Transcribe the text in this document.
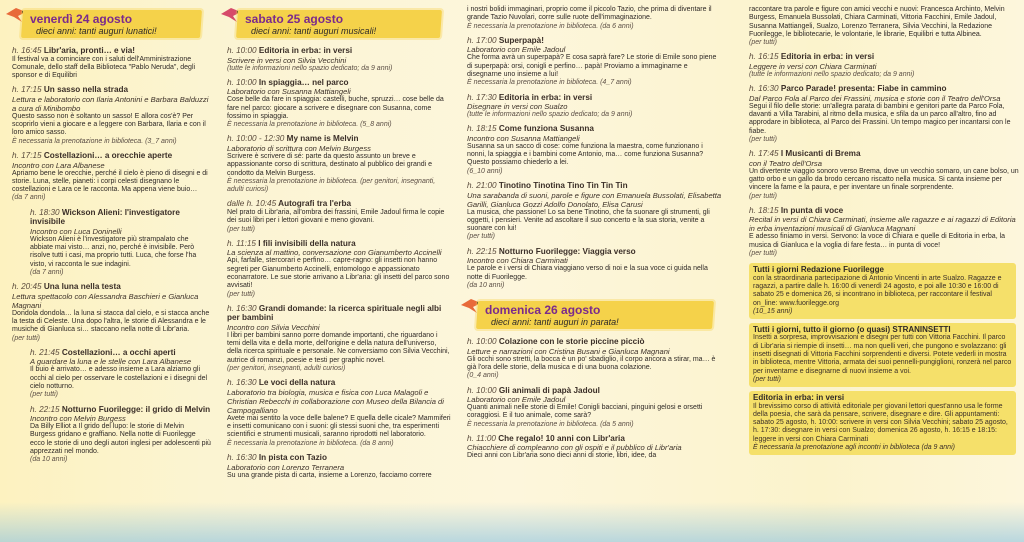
venerdì 24 agosto
dieci anni: tanti auguri lunatici!
h. 16:45 Libr'aria, pronti… e via!
Il festival va a cominciare con i saluti dell'Amministrazione Comunale, dello staff della Biblioteca "Pablo Neruda", degli sponsor e di Equilibri
h. 17:15 Un sasso nella strada
Lettura e laboratorio con Ilaria Antonini e Barbara Balduzzi a cura di Minibombo
Questo sasso non è soltanto un sasso! E allora cos'è? Per scoprirlo vieni a giocare e a leggere con Barbara, Ilaria e con il loro amico sasso.
È necessaria la prenotazione in biblioteca. (3_7 anni)
h. 17:15 Costellazioni… a orecchie aperte
Incontro con Lara Albanese
Apriamo bene le orecchie, perché il cielo è pieno di disegni e di storie. Luna, stelle, pianeti: i corpi celesti disegnano le costellazioni e Lara ce le racconta. Ma appena viene buio…
(da 7 anni)
h. 18:30 Wickson Alieni: l'investigatore invisibile
Incontro con Luca Doninelli
Wickson Alieni è l'investigatore più strampalato che abbiate mai visto… anzi, no, perché è invisibile. Però risolve tutti i casi, ma proprio tutti. Luca, che forse l'ha visto, vi racconta le sue indagini.
(da 7 anni)
h. 20:45 Una luna nella testa
Lettura spettacolo con Alessandra Baschieri e Gianluca Magnani
Dondola dondola… la luna si stacca dal cielo, e si stacca anche la testa di Celeste. Una dopo l'altra, le storie di Alessandra e le musiche di Gianluca si… staccano nella notte di Libr'aria.
(per tutti)
h. 21:45 Costellazioni… a occhi aperti
A guardare la luna e le stelle con Lara Albanese
Il buio è arrivato… e adesso insieme a Lara alziamo gli occhi al cielo per osservare le costellazioni e i disegni del cielo notturno.
(per tutti)
h. 22:15 Notturno Fuorilegge: il grido di Melvin
Incontro con Melvin Burgess
Da Billy Elliot a Il grido del lupo: le storie di Melvin Burgess gridano e graffiano. Nella notte di Fuorilegge ecco le storie di uno degli autori inglesi per adolescenti più apprezzati nel mondo.
(da 10 anni)
sabato 25 agosto
dieci anni: tanti auguri musicali!
h. 10:00 Editoria in erba: in versi
Scrivere in versi con Silvia Vecchini
(tutte le informazioni nello spazio dedicato; da 9 anni)
h. 10:00 In spiaggia… nel parco
Laboratorio con Susanna Mattiangeli
Cose belle da fare in spiaggia: castelli, buche, spruzzi… cose belle da fare nel parco: giocare a scrivere e disegnare con Susanna, come fossimo in spiaggia.
È necessaria la prenotazione in biblioteca. (5_8 anni)
h. 10:00 - 12:30 My name is Melvin
Laboratorio di scrittura con Melvin Burgess
Scrivere è scrivere di sé: parte da questo assunto un breve e appassionante corso di scrittura, destinato al pubblico dei grandi e condotto da Melvin Burgess.
È necessaria la prenotazione in biblioteca. (per genitori, insegnanti, adulti curiosi)
dalle h. 10:45 Autografi tra l'erba
Nel prato di Libr'aria, all'ombra dei frassini, Emile Jadoul firma le copie dei suoi libri per i lettori giovani e meno giovani.
(per tutti)
h. 11:15 I fili invisibili della natura
La scienza al mattino, conversazione con Gianumberto Accinelli
Api, farfalle, stercorari e perfino… capre-ragno: gli insetti non hanno segreti per Gianumberto Accinelli, entomologo e appassionato econarratore. Le sue storie arrivano a Libr'aria: gli insetti del parco sono avvisati!
(per tutti)
h. 16:30 Grandi domande: la ricerca spirituale negli albi per bambini
Incontro con Silvia Vecchini
I libri per bambini sanno porre domande importanti, che riguardano i temi della vita e della morte, dell'origine e della natura dell'universo, della ricerca spirituale e personale. Ne conversiamo con Silvia Vecchini, autrice di romanzi, poesie e testi per graphic novel.
(per genitori, insegnanti, adulti curiosi)
h. 16:30 Le voci della natura
Laboratorio tra biologia, musica e fisica con Luca Malagoli e Christian Rebecchi in collaborazione con Museo della Bilancia di Campogalliano
Avete mai sentito la voce delle balene? E quella delle cicale? Mammiferi e insetti comunicano con i suoni: gli stessi suoni che, tra esperimenti scientifici e strumenti musicali, saranno riprodotti nel laboratorio.
È necessaria la prenotazione in biblioteca. (da 8 anni)
h. 16:30 In pista con Tazio
Laboratorio con Lorenzo Terranera
Su una grande pista di carta, insieme a Lorenzo, facciamo correre
i nostri bolidi immaginari, proprio come il piccolo Tazio, che prima di diventare il grande Tazio Nuvolari, corre sulle ruote dell'immaginazione.
È necessaria la prenotazione in biblioteca. (da 6 anni)
h. 17:00 Superpapà!
Laboratorio con Emile Jadoul
Che forma avrà un superpapà? E cosa saprà fare? Le storie di Emile sono piene di superpapà: orsi, conigli e perfino… papà! Proviamo a immaginarne e disegnarne uno insieme a lui!
È necessaria la prenotazione in biblioteca. (4_7 anni)
h. 17:30 Editoria in erba: in versi
Disegnare in versi con Sualzo
(tutte le informazioni nello spazio dedicato; da 9 anni)
h. 18:15 Come funziona Susanna
Incontro con Susanna Mattiangeli
Susanna sa un sacco di cose: come funziona la maestra, come funzionano i nonni, la spiaggia e i bambini come Antonio, ma… come funziona Susanna? Questo possiamo chiederlo a lei.
(6_10 anni)
h. 21:00 Tinotino Tinotina Tino Tin Tin Tin
Una sarabanda di suoni, parole e figure con Emanuela Bussolati, Elisabetta Garilli, Gianluca Gozzi Adolfo Donolato, Elisa Carusi
La musica, che passione! Lo sa bene Tinotino, che fa suonare gli strumenti, gli oggetti, i pensieri. Venite ad ascoltare il suo concerto e la sua storia, venite a suonare con lui!
(per tutti)
h. 22:15 Notturno Fuorilegge: Viaggia verso
Incontro con Chiara Carminati
Le parole e i versi di Chiara viaggiano verso di noi e la sua voce ci guida nella notte di Fuorilegge.
(da 10 anni)
domenica 26 agosto
dieci anni: tanti auguri in parata!
h. 10:00 Colazione con le storie piccine picciò
Letture e narrazioni con Cristina Busani e Gianluca Magnani
Gli occhi sono stretti, la bocca è un po' sbadiglio, il corpo ancora a stirar, ma… è già l'ora delle storie, della musica e di una buona colazione.
(0_4 anni)
h. 10:00 Gli animali di papà Jadoul
Laboratorio con Emile Jadoul
Quanti animali nelle storie di Emile! Conigli bacciani, pinguini gelosi e orsetti coraggiosi. E il tuo animale, come sarà?
È necessaria la prenotazione in biblioteca. (da 5 anni)
h. 11:00 Che regalo! 10 anni con Libr'aria
Chiacchiere di compleanno con gli ospiti e il pubblico di Libr'aria
Dieci anni con Libr'aria sono dieci anni di storie, libri, idee, da
raccontare tra parole e figure con amici vecchi e nuovi: Francesca Archinto, Melvin Burgess, Emanuela Bussolati, Chiara Carminati, Vittoria Facchini, Emile Jadoul, Susanna Mattiangeli, Sualzo, Lorenzo Terranera, Silvia Vecchini, la Redazione Fuorilegge, le bibliotecarie, le volontarie, le librarie, Equilibri e tutta Albinea.
(per tutti)
h. 16:15 Editoria in erba: in versi
Leggere in versi con Chiara Carminati
(tutte le informazioni nello spazio dedicato; da 9 anni)
h. 16:30 Parco Parade! presenta: Fiabe in cammino
Dal Parco Fola al Parco dei Frassini, musica e storie con il Teatro dell'Orsa
Segui il filo delle storie: un'allegra parata di bambini e genitori parte da Parco Fola, davanti a Villa Tarabini, al ritmo della musica, e sfila da un parco all'altro, fino ad approdare in biblioteca, al Parco dei Frassini. Un tempo magico per incantarsi con le fiabe.
(per tutti)
h. 17:45 I Musicanti di Brema
con il Teatro dell'Orsa
Un divertente viaggio sonoro verso Brema, dove un vecchio somaro, un cane bolso, un gatto orbo e un gallo da brodo cercano riscatto nella musica. Si canta insieme per vincere la fame e la paura, e per inventare un finale sorprendente.
(per tutti)
h. 18:15 In punta di voce
Recital in versi di Chiara Carminati, insieme alle ragazze e ai ragazzi di Editoria in erba inventazioni musicali di Gianluca Magnani
E adesso finiamo in versi. Servono: la voce di Chiara e quelle di Editoria in erba, la musica di Gianluca e la voglia di fare festa… in punta di voce!
(per tutti)
Tutti i giorni Redazione Fuorilegge
con la straordinaria partecipazione di Antonio Vincenti in arte Sualzo. Ragazze e ragazzi, a partire dalle h. 16:00 di venerdì 24 agosto, e poi alle 10:30 e 16:00 di sabato 25 e domenica 26, si incontrano in biblioteca, per raccontare il festival on_line: www.fuorilegge.org
(10_15 anni)
Tutti i giorni, tutto il giorno (o quasi) STRANINSETTI
Insetti a sorpresa, improvvisazioni e disegni per tutti con Vittoria Facchini. Il parco di Libr'aria si riempie di insetti… ma non quelli veri, che pungono e svolazzano: gli insetti disegnati di Vittoria Facchini sorprendenti e diversi. Potete vederli in mostra in biblioteca, mentre Vittoria, armata dei suoi pennelli-pungiglioni, ronzerà nel parco per inventarne e disegnarne di nuovi insieme a voi.
(per tutti)
Editoria in erba: in versi
Il brevissimo corso di attività editoriale per giovani lettori quest'anno usa le forme della poesia, che sarà da pensare, scrivere, disegnare e dire. Gli appuntamenti: sabato 25 agosto, h. 10:00: scrivere in versi con Silvia Vecchini; sabato 25 agosto, h. 17:30: disegnare in versi con Sualzo; domenica 26 agosto, h. 16:15 e 18:15: leggere in versi con Chiara Carminati
È necessaria la prenotazione agli incontri in biblioteca (da 9 anni)
